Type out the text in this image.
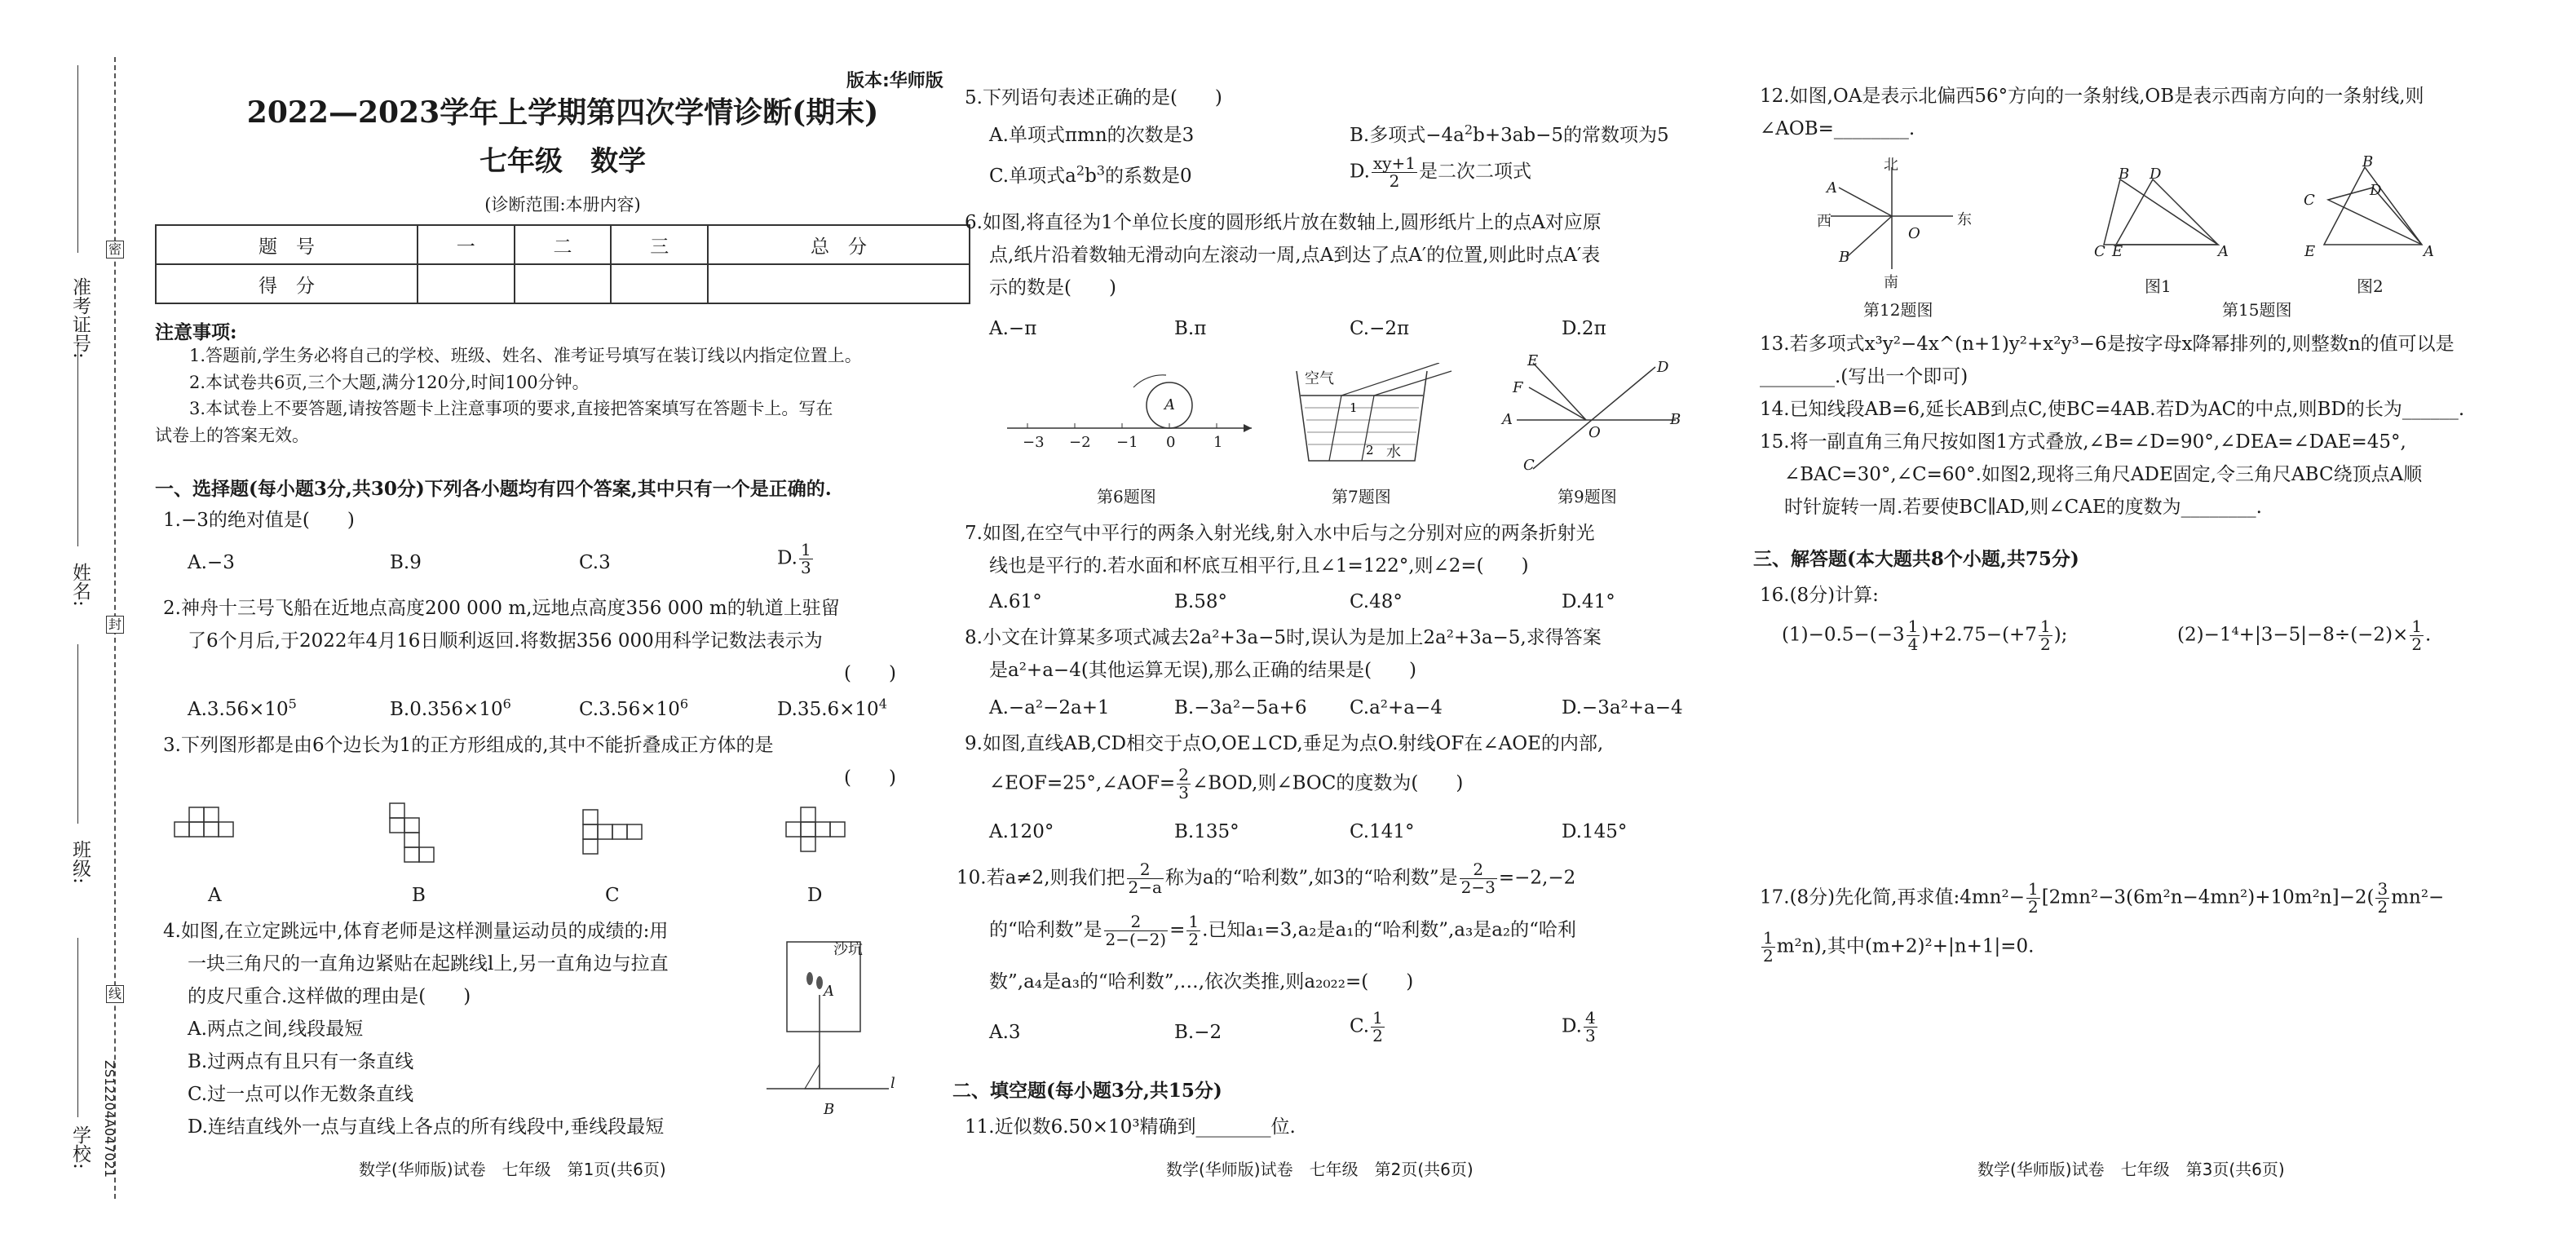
密
封
线
准考证号:
姓名:
班级:
学校: ZS12204A047021
版本:华师版
2022—2023学年上学期第四次学情诊断(期末)
七年级　数学
(诊断范围:本册内容)
题　号	一	二	三	总　分
得　分				
注意事项:
1.答题前,学生务必将自己的学校、班级、姓名、准考证号填写在装订线以内指定位置上。
2.本试卷共6页,三个大题,满分120分,时间100分钟。
3.本试卷上不要答题,请按答题卡上注意事项的要求,直接把答案填写在答题卡上。写在
试卷上的答案无效。
一、选择题(每小题3分,共30分)下列各小题均有四个答案,其中只有一个是正确的.
1.−3的绝对值是(　　)
A.−3	B.9	C.3	D. $\frac{1}{3}$
2.神舟十三号飞船在近地点高度200 000 m,远地点高度356 000 m的轨道上驻留
了6个月后,于2022年4月16日顺利返回.将数据356 000用科学记数法表示为
(　　)
$A.3.56\times 10^5$	$B.0.356\times 10^6$	$C.3.56\times 10^6$	$D.35.6\times 10^4$
3.下列图形都是由6个边长为1的正方形组成的,其中不能折叠成正方体的是
(　　)
A	B	C	D
4.如图,在立定跳远中,体育老师是这样测量运动员的成绩的:用
一块三角尺的一直角边紧贴在起跳线l上,另一直角边与拉直
的皮尺重合.这样做的理由是(　　)
A.两点之间,线段最短
B.过两点有且只有一条直线
C.过一点可以作无数条直线
D.连结直线外一点与直线上各点的所有线段中,垂线段最短
沙坑
A
B
l
数学(华师版)试卷　七年级　第1页(共6页)
5.下列语句表述正确的是(　　)
A.单项式πmn的次数是3	B.多项式$-4a^2b+3ab-5$的常数项为5
C.单项式$a^2b^3$的系数是0	D. $\frac{xy+1}{2}$ 是二次二项式
6.如图,将直径为1个单位长度的圆形纸片放在数轴上,圆形纸片上的点A对应原
点,纸片沿着数轴无滑动向左滚动一周,点A到达了点A′的位置,则此时点A′表
示的数是(　　)
A.−π	B.π	C.−2π	D.2π
−3 −2 −1 0	1
A
第6题图
1
2
空气
水
第7题图
E	D
F
A
O
B
C
第9题图
7.如图,在空气中平行的两条入射光线,射入水中后与之分别对应的两条折射光
线也是平行的.若水面和杯底互相平行,且∠1=122°,则∠2=(　　)
A.61°	B.58°	C.48°	D.41°
8.小文在计算某多项式减去2a²+3a−5时,误认为是加上2a²+3a−5,求得答案
是a²+a−4(其他运算无误),那么正确的结果是(　　)
A.−a²−2a+1	B.−3a²−5a+6 C.a²+a−4	D.−3a²+a−4
9.如图,直线AB,CD相交于点O,OE⊥CD,垂足为点O.射线OF在∠AOE的内部,
∠EOF=25°,∠AOF= $\frac{2}{3}$ ∠BOD,则∠BOC的度数为(　　)
A.120°	B.135°	C.141°	D.145°
10.若a≠2,则我们把 $\frac{2}{2-a}$ 称为a的“哈利数”,如3的“哈利数”是 $\frac{2}{2-3} =-2,-2$
的“哈利数”是 $\frac{2}{2-(-2)} = \frac{1}{2}$ .已知a₁=3,a₂是a₁的“哈利数”,a₃是a₂的“哈利
数”,a₄是a₃的“哈利数”,…,依次类推,则a₂₀₂₂=(　　)
A.3	B.−2	C. $\frac{1}{2}$	D. $\frac{4}{3}$
二、填空题(每小题3分,共15分)
11.近似数6.50×10³精确到________位.
数学(华师版)试卷　七年级　第2页(共6页)
12.如图,OA是表示北偏西56°方向的一条射线,OB是表示西南方向的一条射线,则
∠AOB=________.
北
南
东
西
A
B
O
第12题图
B D
C E	A
图1
B
D
C
E	A
图2
第15题图
13.若多项式x³y²−4x^(n+1)y²+x²y³−6是按字母x降幂排列的,则整数n的值可以是
________.(写出一个即可)
14.已知线段AB=6,延长AB到点C,使BC=4AB.若D为AC的中点,则BD的长为______.
15.将一副直角三角尺按如图1方式叠放,∠B=∠D=90°,∠DEA=∠DAE=45°,
∠BAC=30°,∠C=60°.如图2,现将三角尺ADE固定,令三角尺ABC绕顶点A顺
时针旋转一周.若要使BC∥AD,则∠CAE的度数为________.
三、解答题(本大题共8个小题,共75分)
16.(8分)计算:
$(1)-0.5-(-3 \frac{1}{4} )+2.75-(+7 \frac{1}{2}$ );	$(2)-1^4+|3-5|-8\div(-2)\times \frac{1}{2}$ .
17.(8分)先化简,再求值:4mn²− $\frac{1}{2} [2mn^2-3(6m^2n-4mn^2)+10m^2n]-2( \frac{3}{2} mn^2-$
$\frac{1}{2} m^2n$),其中(m+2)²+|n+1|=0.
数学(华师版)试卷　七年级　第3页(共6页)
